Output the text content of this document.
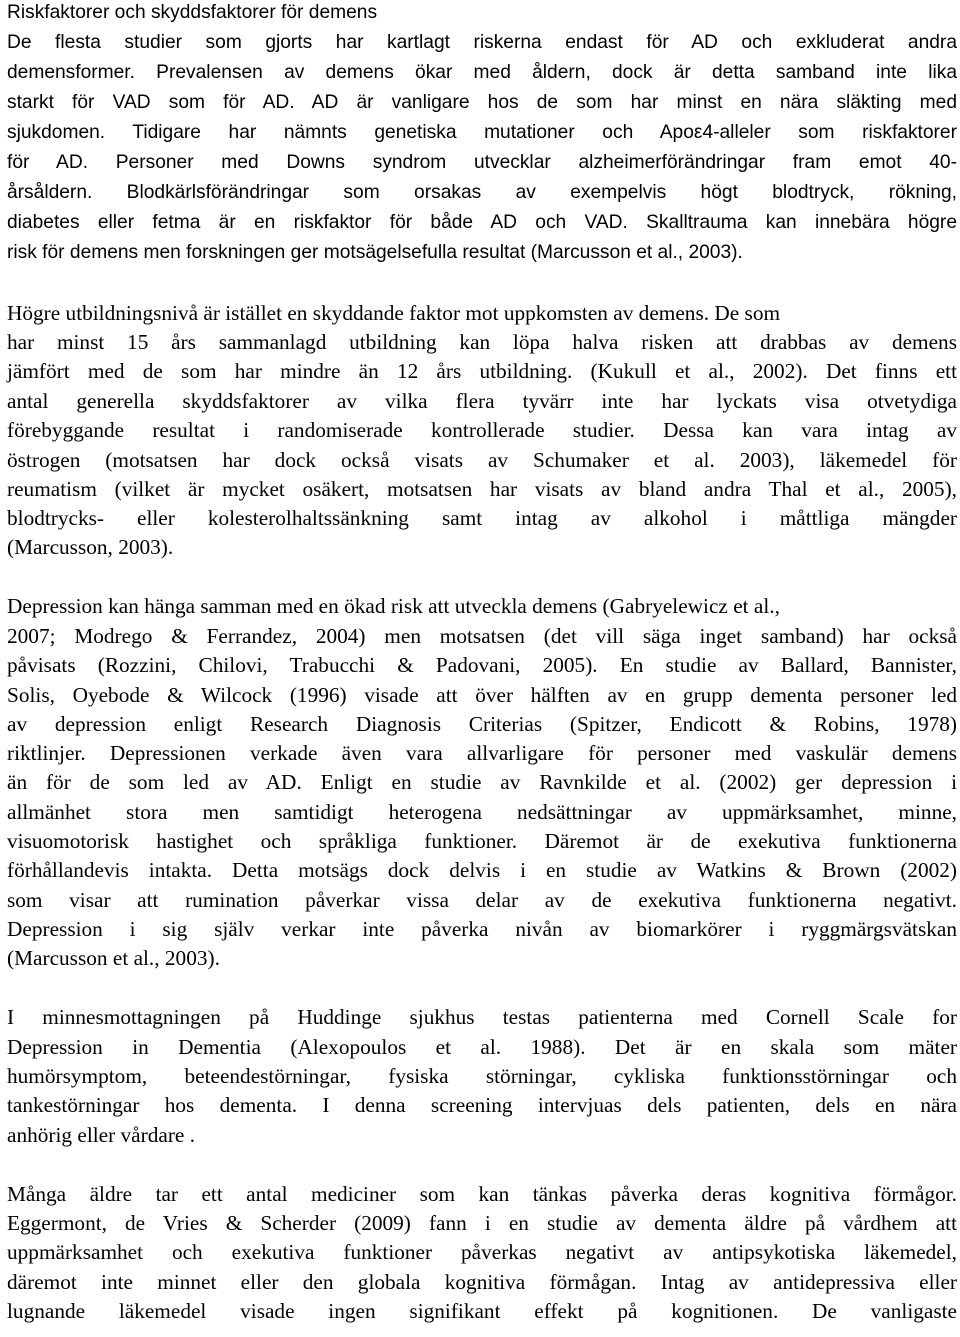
Riskfaktorer och skyddsfaktorer för demens
De flesta studier som gjorts har kartlagt riskerna endast för AD och exkluderat andra
demensformer. Prevalensen av demens ökar med åldern, dock är detta samband inte lika
starkt för VAD som för AD. AD är vanligare hos de som har minst en nära släkting med
sjukdomen. Tidigare har nämnts genetiska mutationer och Apoε4-alleler som riskfaktorer
för AD. Personer med Downs syndrom utvecklar alzheimerförändringar fram emot 40-
årsåldern. Blodkärlsförändringar som orsakas av exempelvis högt blodtryck, rökning,
diabetes eller fetma är en riskfaktor för både AD och VAD. Skalltrauma kan innebära högre
risk för demens men forskningen ger motsägelsefulla resultat (Marcusson et al., 2003).
Högre utbildningsnivå är istället en skyddande faktor mot uppkomsten av demens. De som
har minst 15 års sammanlagd utbildning kan löpa halva risken att drabbas av demens
jämfört med de som har mindre än 12 års utbildning. (Kukull et al., 2002). Det finns ett
antal generella skyddsfaktorer av vilka flera tyvärr inte har lyckats visa otvetydiga
förebyggande resultat i randomiserade kontrollerade studier. Dessa kan vara intag av
östrogen (motsatsen har dock också visats av Schumaker et al. 2003), läkemedel för
reumatism (vilket är mycket osäkert, motsatsen har visats av bland andra Thal et al., 2005),
blodtrycks- eller kolesterolhaltssänkning samt intag av alkohol i måttliga mängder
(Marcusson, 2003).
Depression kan hänga samman med en ökad risk att utveckla demens (Gabryelewicz et al.,
2007; Modrego & Ferrandez, 2004) men motsatsen (det vill säga inget samband) har också
påvisats (Rozzini, Chilovi, Trabucchi & Padovani, 2005). En studie av Ballard, Bannister,
Solis, Oyebode & Wilcock (1996) visade att över hälften av en grupp dementa personer led
av depression enligt Research Diagnosis Criterias (Spitzer, Endicott & Robins, 1978)
riktlinjer. Depressionen verkade även vara allvarligare för personer med vaskulär demens
än för de som led av AD. Enligt en studie av Ravnkilde et al. (2002) ger depression i
allmänhet stora men samtidigt heterogena nedsättningar av uppmärksamhet, minne,
visuomotorisk hastighet och språkliga funktioner. Däremot är de exekutiva funktionerna
förhållandevis intakta. Detta motsägs dock delvis i en studie av Watkins & Brown (2002)
som visar att rumination påverkar vissa delar av de exekutiva funktionerna negativt.
Depression i sig själv verkar inte påverka nivån av biomarkörer i ryggmärgsvätskan
(Marcusson et al., 2003).
I minnesmottagningen på Huddinge sjukhus testas patienterna med Cornell Scale for
Depression in Dementia (Alexopoulos et al. 1988). Det är en skala som mäter
humörsymptom, beteendestörningar, fysiska störningar, cykliska funktionsstörningar och
tankestörningar hos dementa. I denna screening intervjuas dels patienten, dels en nära
anhörig eller vårdare .
Många äldre tar ett antal mediciner som kan tänkas påverka deras kognitiva förmågor.
Eggermont, de Vries & Scherder (2009) fann i en studie av dementa äldre på vårdhem att
uppmärksamhet och exekutiva funktioner påverkas negativt av antipsykotiska läkemedel,
däremot inte minnet eller den globala kognitiva förmågan. Intag av antidepressiva eller
lugnande läkemedel visade ingen signifikant effekt på kognitionen. De vanligaste
